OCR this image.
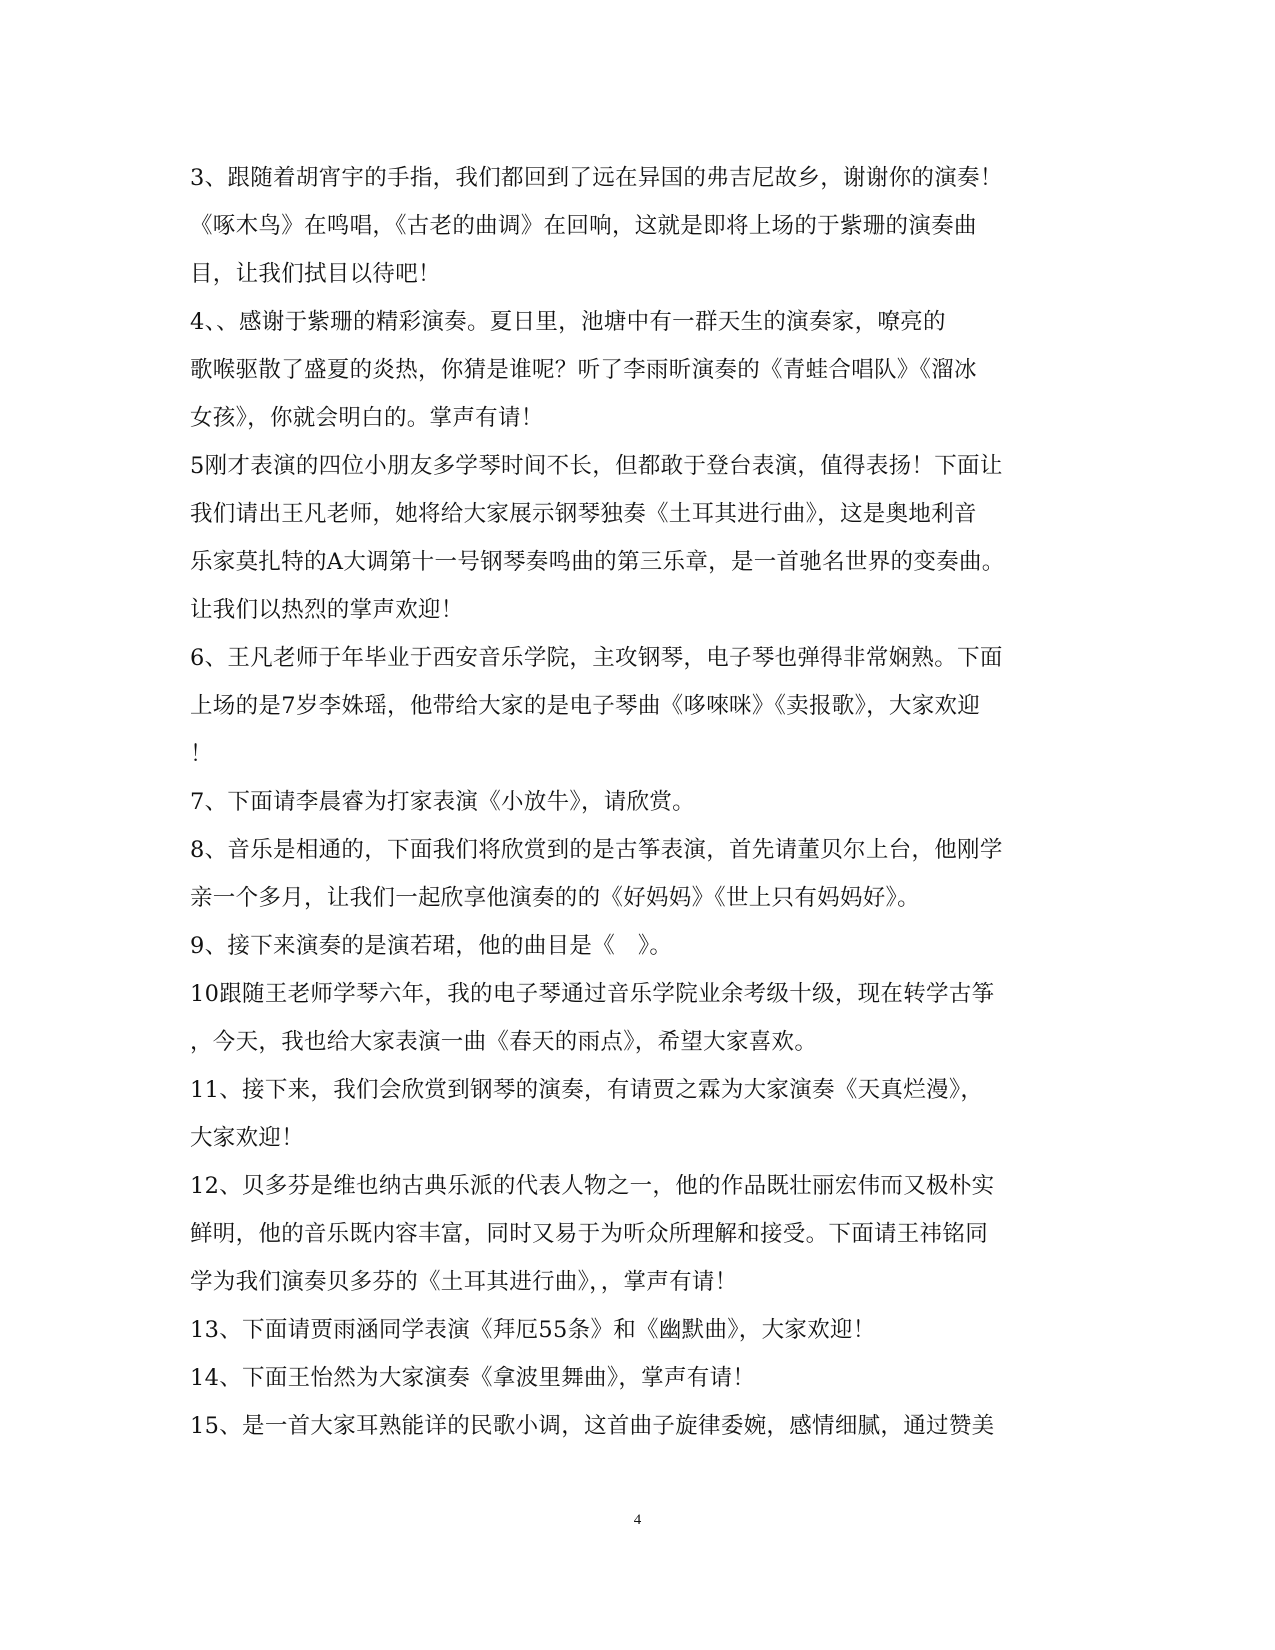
3、跟随着胡宵宇的手指，我们都回到了远在异国的弗吉尼故乡，谢谢你的演奏！
《啄木鸟》在鸣唱，《古老的曲调》在回响，这就是即将上场的于紫珊的演奏曲
目，让我们拭目以待吧！
4、、感谢于紫珊的精彩演奏。夏日里，池塘中有一群天生的演奏家，嘹亮的
歌喉驱散了盛夏的炎热，你猜是谁呢？听了李雨昕演奏的《青蛙合唱队》《溜冰
女孩》，你就会明白的。掌声有请！
5刚才表演的四位小朋友多学琴时间不长，但都敢于登台表演，值得表扬！下面让
我们请出王凡老师，她将给大家展示钢琴独奏《土耳其进行曲》，这是奥地利音
乐家莫扎特的A大调第十一号钢琴奏鸣曲的第三乐章，是一首驰名世界的变奏曲。
让我们以热烈的掌声欢迎！
6、王凡老师于年毕业于西安音乐学院，主攻钢琴，电子琴也弹得非常娴熟。下面
上场的是7岁李姝瑶，他带给大家的是电子琴曲《哆唻咪》《卖报歌》，大家欢迎
！
7、下面请李晨睿为打家表演《小放牛》，请欣赏。
8、音乐是相通的，下面我们将欣赏到的是古筝表演，首先请董贝尔上台，他刚学
亲一个多月，让我们一起欣享他演奏的的《好妈妈》《世上只有妈妈好》。
9、接下来演奏的是演若珺，他的曲目是《　》。
10跟随王老师学琴六年，我的电子琴通过音乐学院业余考级十级，现在转学古筝
，今天，我也给大家表演一曲《春天的雨点》，希望大家喜欢。
11、接下来，我们会欣赏到钢琴的演奏，有请贾之霖为大家演奏《天真烂漫》，
大家欢迎！
12、贝多芬是维也纳古典乐派的代表人物之一，他的作品既壮丽宏伟而又极朴实
鲜明，他的音乐既内容丰富，同时又易于为听众所理解和接受。下面请王祎铭同
学为我们演奏贝多芬的《土耳其进行曲》，，掌声有请！
13、下面请贾雨涵同学表演《拜厄55条》和《幽默曲》，大家欢迎！
14、下面王怡然为大家演奏《拿波里舞曲》，掌声有请！
15、是一首大家耳熟能详的民歌小调，这首曲子旋律委婉，感情细腻，通过赞美
4
